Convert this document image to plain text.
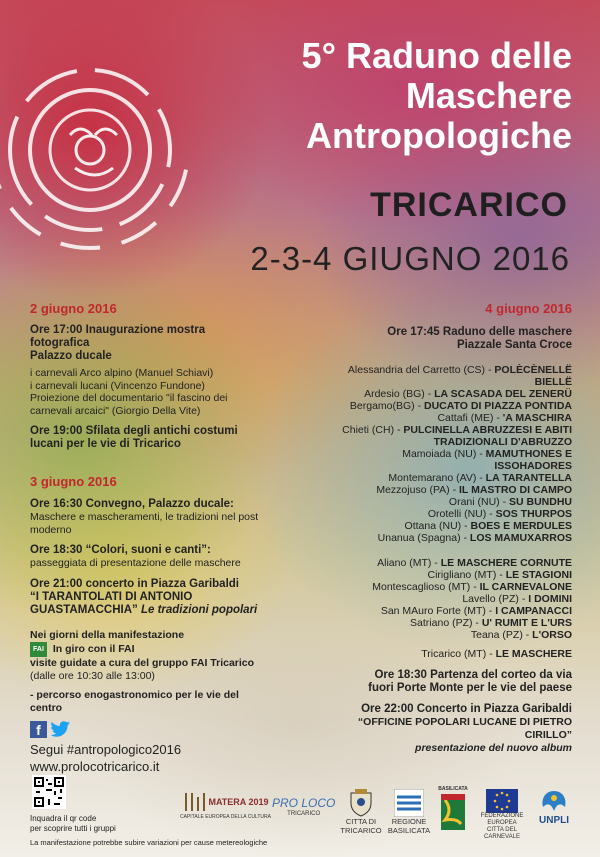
5° Raduno delle
Maschere
Antropologiche
TRICARICO
2-3-4 GIUGNO 2016
2 giugno 2016
Ore 17:00 Inaugurazione mostra
fotografica
Palazzo ducale
i carnevali Arco alpino (Manuel Schiavi)
i carnevali lucani (Vincenzo Fundone)
Proiezione del documentario "il fascino dei
carnevali arcaici" (Giorgio Della Vite)
Ore 19:00 Sfilata degli antichi costumi
lucani per le vie di Tricarico
3 giugno 2016
Ore 16:30 Convegno, Palazzo ducale:
Maschere e mascheramenti, le tradizioni nel post
moderno
Ore 18:30 “Colori, suoni e canti”:
passeggiata di presentazione delle maschere
Ore 21:00 concerto in Piazza Garibaldi
“I TARANTOLATI DI ANTONIO
GUASTAMACCHIA” Le tradizioni popolari
Nei giorni della manifestazione
FAI In giro con il FAI
visite guidate a cura del gruppo FAI Tricarico
(dalle ore 10:30 alle 13:00)
- percorso enogastronomico per le vie del
centro
f
Segui #antropologico2016
www.prolocotricarico.it
Inquadra il qr code
per scoprire tutti i gruppi
La manifestazione potrebbe subire variazioni per cause metereologiche
4 giugno 2016
Ore 17:45 Raduno delle maschere
Piazzale Santa Croce
Alessandria del Carretto (CS) - POLÈCÈNELLË
BIELLË
Ardesio (BG) - LA SCASADA DEL ZENERÜ
Bergamo(BG) - DUCATO DI PIAZZA PONTIDA
Cattafi (ME) - 'A MASCHIRA
Chieti (CH) - PULCINELLA ABRUZZESI E ABITI
TRADIZIONALI D'ABRUZZO
Mamoiada (NU) - MAMUTHONES E
ISSOHADORES
Montemarano (AV) - LA TARANTELLA
Mezzojuso (PA) - IL MASTRO DI CAMPO
Orani (NU) - SU BUNDHU
Orotelli (NU) - SOS THURPOS
Ottana (NU) - BOES E MERDULES
Unanua (Spagna) - LOS MAMUXARROS
Aliano (MT) - LE MASCHERE CORNUTE
Cirigliano (MT) - LE STAGIONI
Montescaglioso (MT) - IL CARNEVALONE
Lavello (PZ) - I DOMINI
San MAuro Forte (MT) - I CAMPANACCI
Satriano (PZ) - U' RUMIT E L'URS
Teana (PZ) - L'ORSO
Tricarico (MT) - LE MASCHERE
Ore 18:30 Partenza del corteo da via
fuori Porte Monte per le vie del paese
Ore 22:00 Concerto in Piazza Garibaldi
“OFFICINE POPOLARI LUCANE DI PIETRO
CIRILLO”
presentazione del nuovo album
MATERA 2019
CAPITALE EUROPEA DELLA CULTURA
PRO LOCO
TRICARICO
CITTA DI
TRICARICO
REGIONE
BASILICATA
BASILICATA
FEDERAZIONE
EUROPEA
CITTA DEL CARNEVALE
UNPLI
